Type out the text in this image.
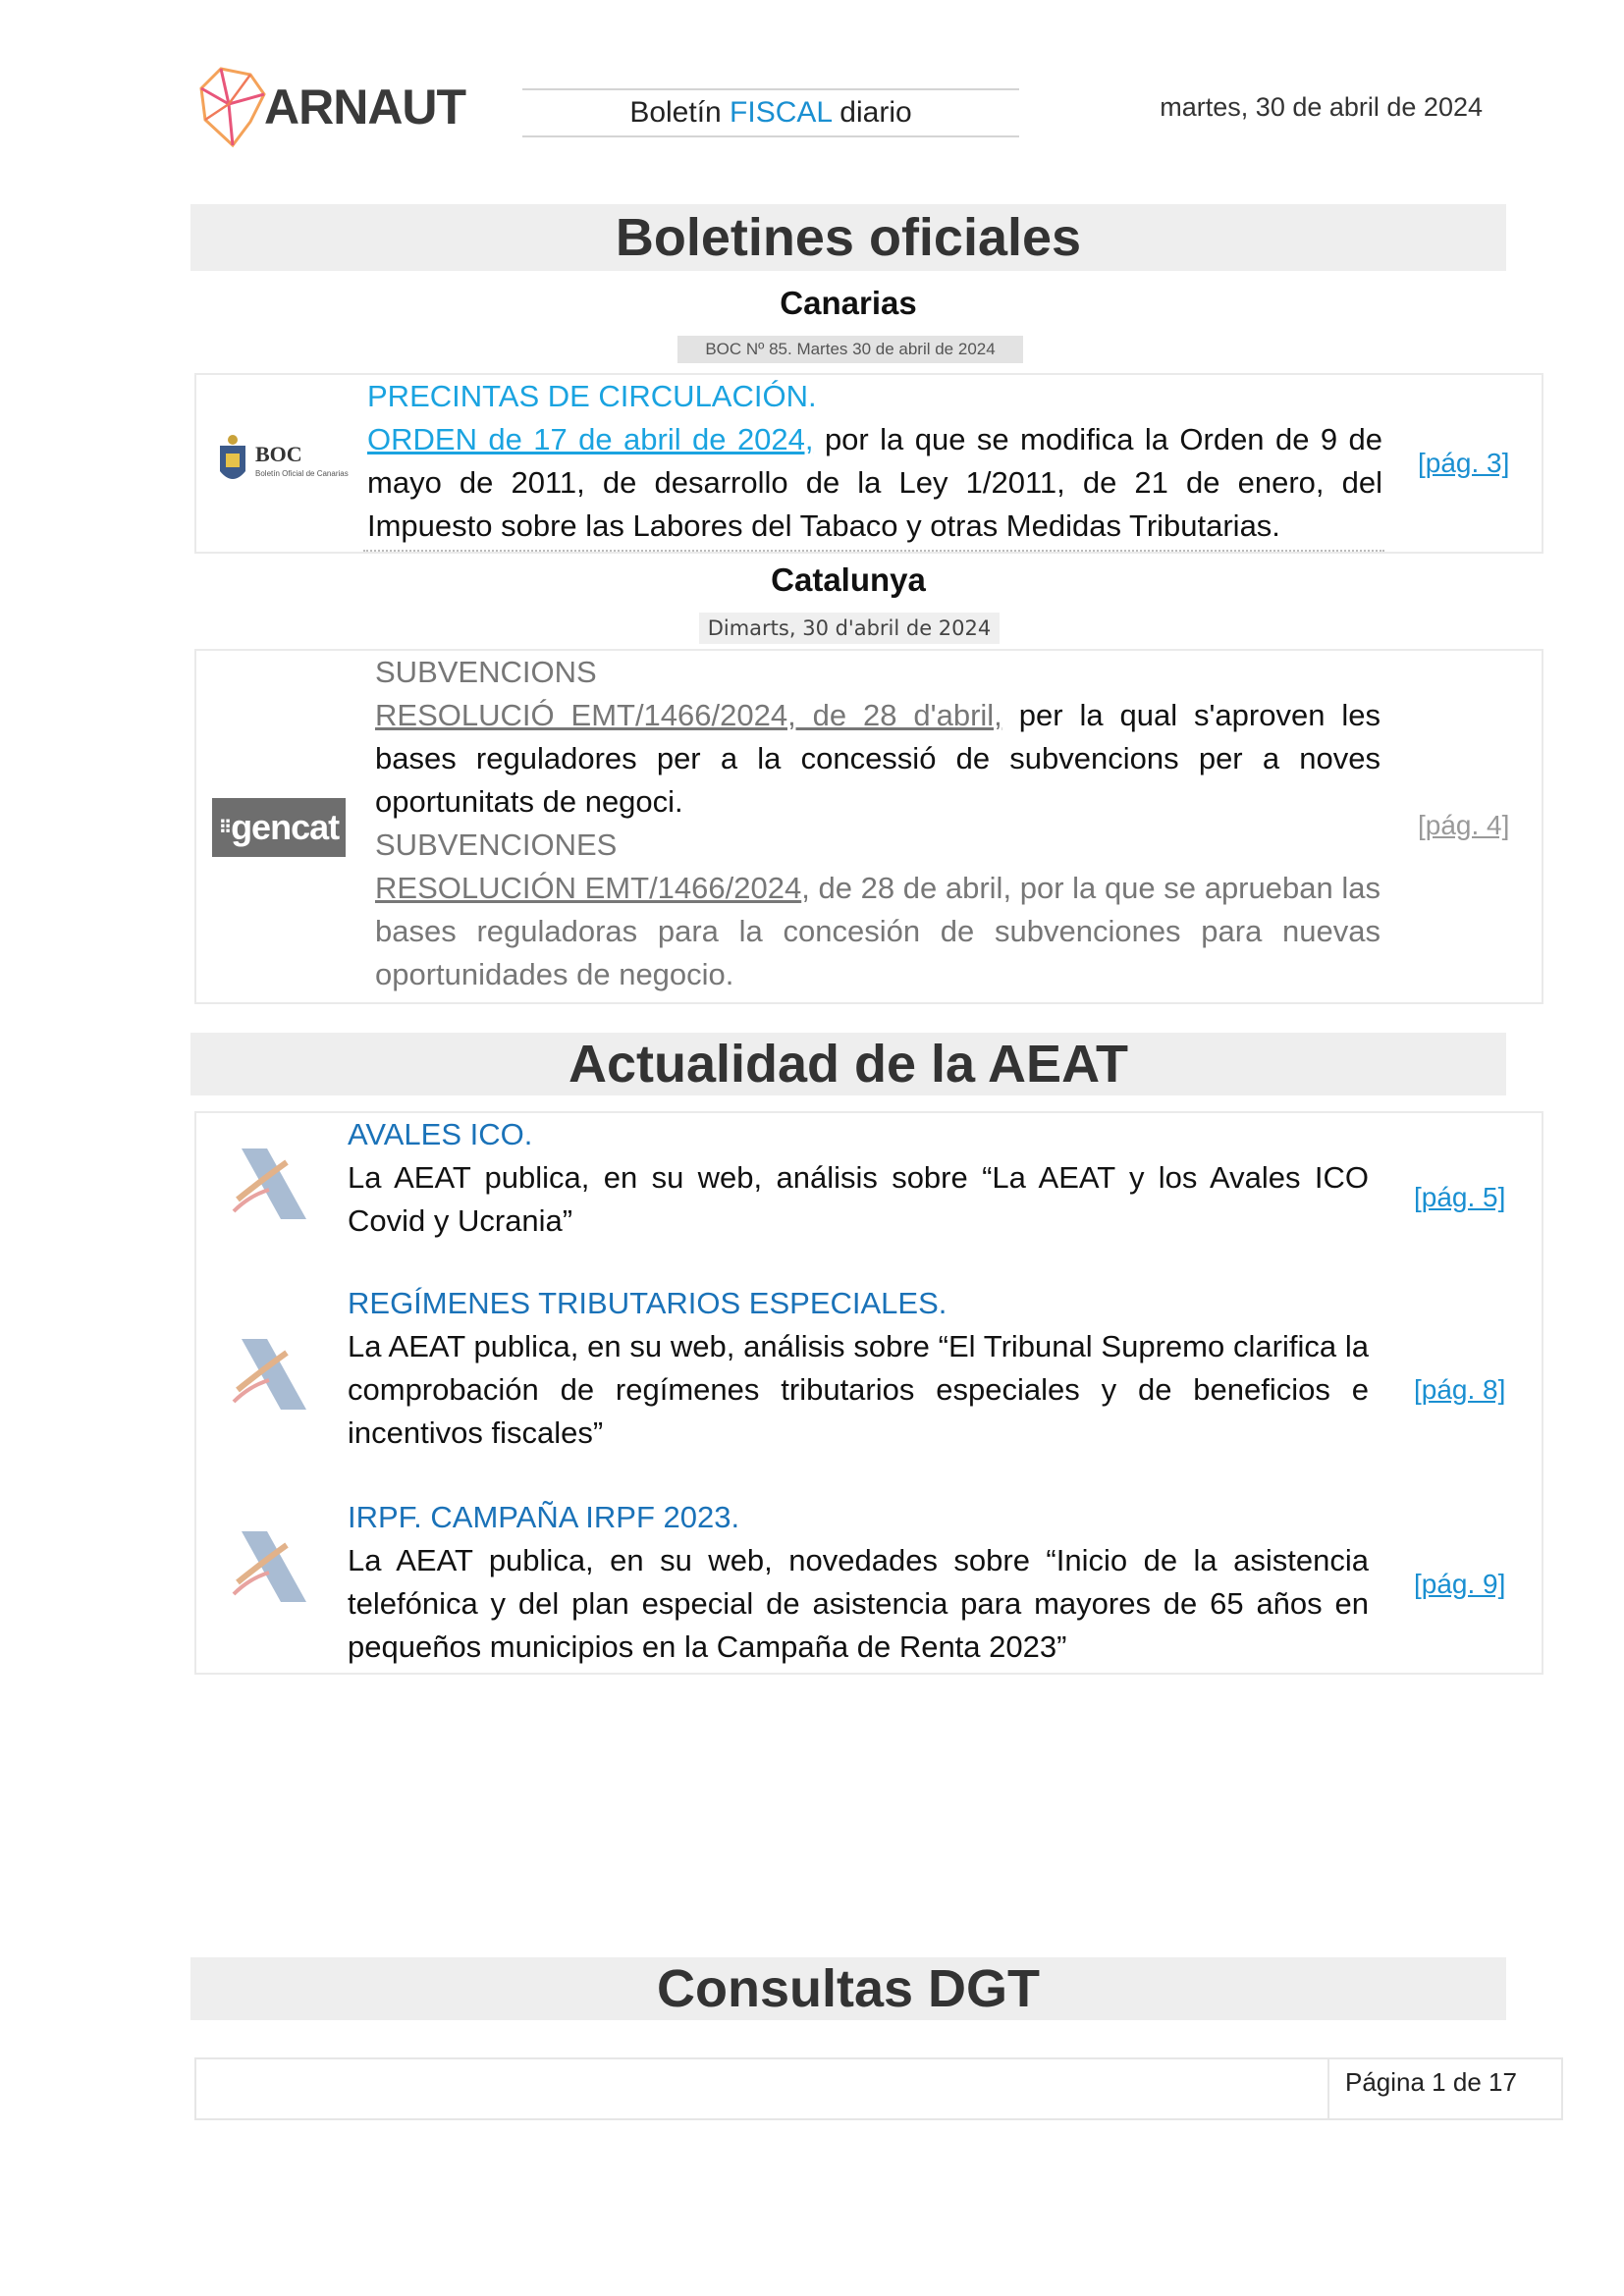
ARNAUT	Boletín FISCAL diario	martes, 30 de abril de 2024
Boletines oficiales
Canarias
BOC Nº 85. Martes 30 de abril de 2024
BOC
Boletín Oficial de Canarias
PRECINTAS DE CIRCULACIÓN.
ORDEN de 17 de abril de 2024, por la que se modifica la Orden de 9 de mayo de 2011, de desarrollo de la Ley 1/2011, de 21 de enero, del Impuesto sobre las Labores del Tabaco y otras Medidas Tributarias.
[pág. 3]
Catalunya
Dimarts, 30 d'abril de 2024
⠿gencat
SUBVENCIONS
RESOLUCIÓ EMT/1466/2024, de 28 d'abril, per la qual s'aproven les bases reguladores per a la concessió de subvencions per a noves oportunitats de negoci.
SUBVENCIONES
RESOLUCIÓN EMT/1466/2024, de 28 de abril, por la que se aprueban las bases reguladoras para la concesión de subvenciones para nuevas oportunidades de negocio.
[pág. 4]
Actualidad de la AEAT
AVALES ICO.
La AEAT publica, en su web, análisis sobre “La AEAT y los Avales ICO Covid y Ucrania”
[pág. 5]
REGÍMENES TRIBUTARIOS ESPECIALES.
La AEAT publica, en su web, análisis sobre “El Tribunal Supremo clarifica la comprobación de regímenes tributarios especiales y de beneficios e incentivos fiscales”
[pág. 8]
IRPF. CAMPAÑA IRPF 2023.
La AEAT publica, en su web, novedades sobre “Inicio de la asistencia telefónica y del plan especial de asistencia para mayores de 65 años en pequeños municipios en la Campaña de Renta 2023”
[pág. 9]
Consultas DGT
Página 1 de 17
